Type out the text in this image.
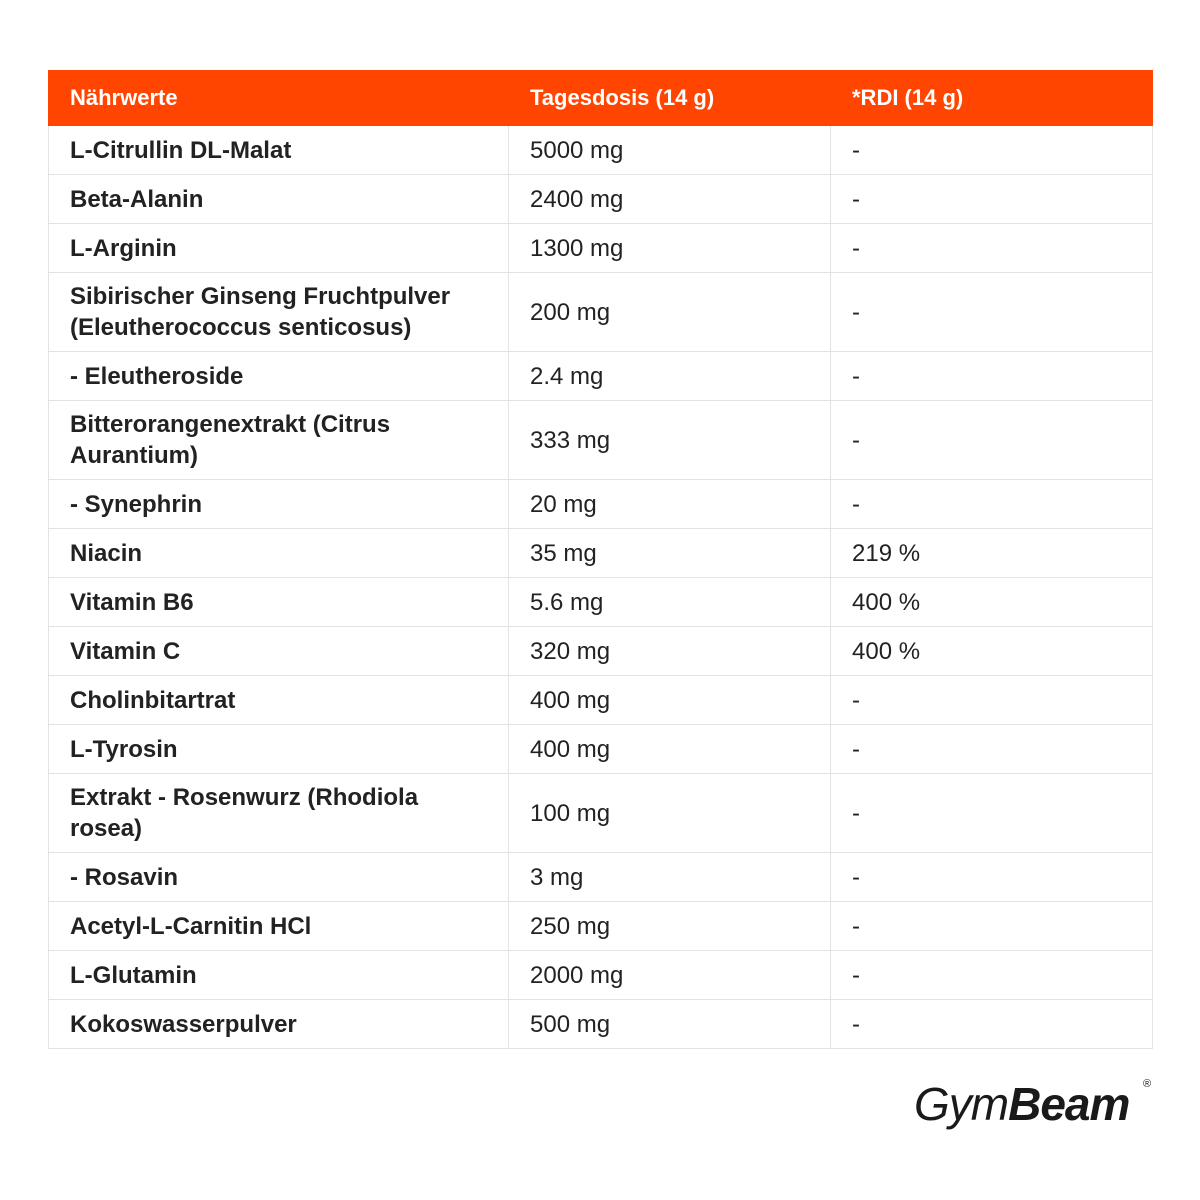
Nährwerte	Tagesdosis (14 g)	*RDI (14 g)
L-Citrullin DL-Malat	5000 mg	-
Beta-Alanin	2400 mg	-
L-Arginin	1300 mg	-
Sibirischer Ginseng Fruchtpulver (Eleutherococcus senticosus)	200 mg	-
- Eleutheroside	2.4 mg	-
Bitterorangenextrakt (Citrus Aurantium)	333 mg	-
- Synephrin	20 mg	-
Niacin	35 mg	219 %
Vitamin B6	5.6 mg	400 %
Vitamin C	320 mg	400 %
Cholinbitartrat	400 mg	-
L-Tyrosin	400 mg	-
Extrakt - Rosenwurz (Rhodiola rosea)	100 mg	-
- Rosavin	3 mg	-
Acetyl-L-Carnitin HCl	250 mg	-
L-Glutamin	2000 mg	-
Kokoswasserpulver	500 mg	-
GymBeam ®
